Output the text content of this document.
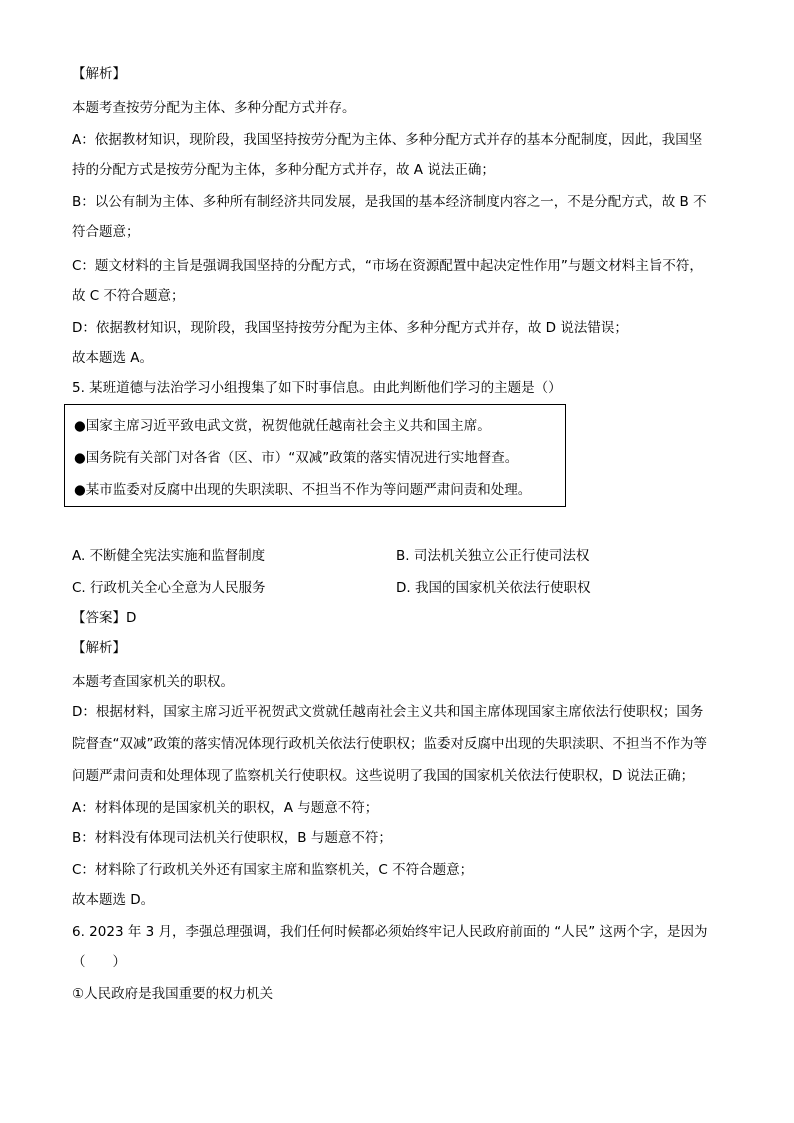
【解析】
本题考查按劳分配为主体、多种分配方式并存。
A：依据教材知识，现阶段，我国坚持按劳分配为主体、多种分配方式并存的基本分配制度，因此，我国坚
持的分配方式是按劳分配为主体，多种分配方式并存，故 A 说法正确；
B：以公有制为主体、多种所有制经济共同发展，是我国的基本经济制度内容之一，不是分配方式，故 B 不
符合题意；
C：题文材料的主旨是强调我国坚持的分配方式，“市场在资源配置中起决定性作用”与题文材料主旨不符，
故 C 不符合题意；
D：依据教材知识，现阶段，我国坚持按劳分配为主体、多种分配方式并存，故 D 说法错误；
故本题选 A。
5. 某班道德与法治学习小组搜集了如下时事信息。由此判断他们学习的主题是（）
●国家主席习近平致电武文赏，祝贺他就任越南社会主义共和国主席。
●国务院有关部门对各省（区、市）“双减”政策的落实情况进行实地督查。
●某市监委对反腐中出现的失职渎职、不担当不作为等问题严肃问责和处理。
A. 不断健全宪法实施和监督制度	B. 司法机关独立公正行使司法权
C. 行政机关全心全意为人民服务	D. 我国的国家机关依法行使职权
【答案】D
【解析】
本题考查国家机关的职权。
D：根据材料，国家主席习近平祝贺武文赏就任越南社会主义共和国主席体现国家主席依法行使职权；国务
院督查“双减”政策的落实情况体现行政机关依法行使职权；监委对反腐中出现的失职渎职、不担当不作为等
问题严肃问责和处理体现了监察机关行使职权。这些说明了我国的国家机关依法行使职权，D 说法正确；
A：材料体现的是国家机关的职权，A 与题意不符；
B：材料没有体现司法机关行使职权，B 与题意不符；
C：材料除了行政机关外还有国家主席和监察机关，C 不符合题意；
故本题选 D。
6. 2023 年 3 月，李强总理强调，我们任何时候都必须始终牢记人民政府前面的 “人民” 这两个字，是因为
（　　）
①人民政府是我国重要的权力机关
